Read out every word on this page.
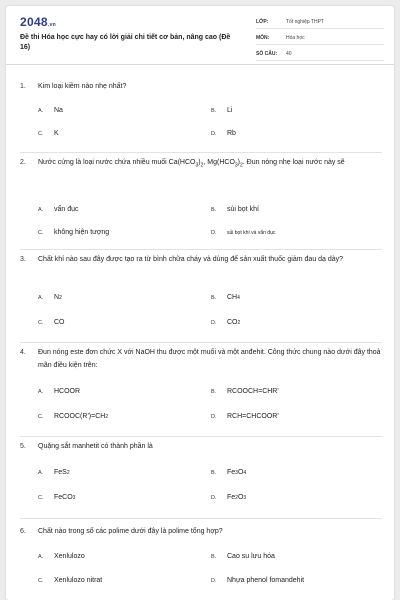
2048.vn
Đề thi Hóa học cực hay có lời giải chi tiết cơ bản, nâng cao (Đề 16)
LỚP:	Tốt nghiệp THPT
MÔN:	Hóa học
SỐ CÂU:	40
1.	Kim loại kiềm nào nhẹ nhất?
A.	Na	B.	Li
C.	K	D.	Rb
2.	Nước cứng là loại nước chứa nhiều muối $Ca(HCO_3)_2$, $Mg(HCO_3)_2$. Đun nóng nhẹ loại nước này sẽ
A.	vẩn đục	B.	sủi bọt khí
C.	không hiện tượng	D.	sủi bọt khí và vẩn đục
3.	Chất khí nào sau đây được tạo ra từ bình chữa cháy và dùng để sản xuất thuốc giảm đau dạ dày?
A.	N 2	B.	CH 4
C.	CO	D.	CO 2
4.	Đun nóng este đơn chức X với NaOH thu được một muối và một anđehit. Công thức chung nào dưới đây thoả mãn điều kiện trên:
A.	HCOOR	B.	RCOOCH=CHR'
C.	RCOOC(R')=CH 2	D.	RCH=CHCOOR'
5.	Quặng sắt manhetit có thành phần là
A.	FeS 2	B.	Fe 3 O 4
C.	FeCO 3	D.	Fe 2 O 3
6.	Chất nào trong số các polime dưới đây là polime tổng hợp?
A.	Xenlulozo	B.	Cao su lưu hóa
C.	Xenlulozo nitrat	D.	Nhựa phenol fomandehit
